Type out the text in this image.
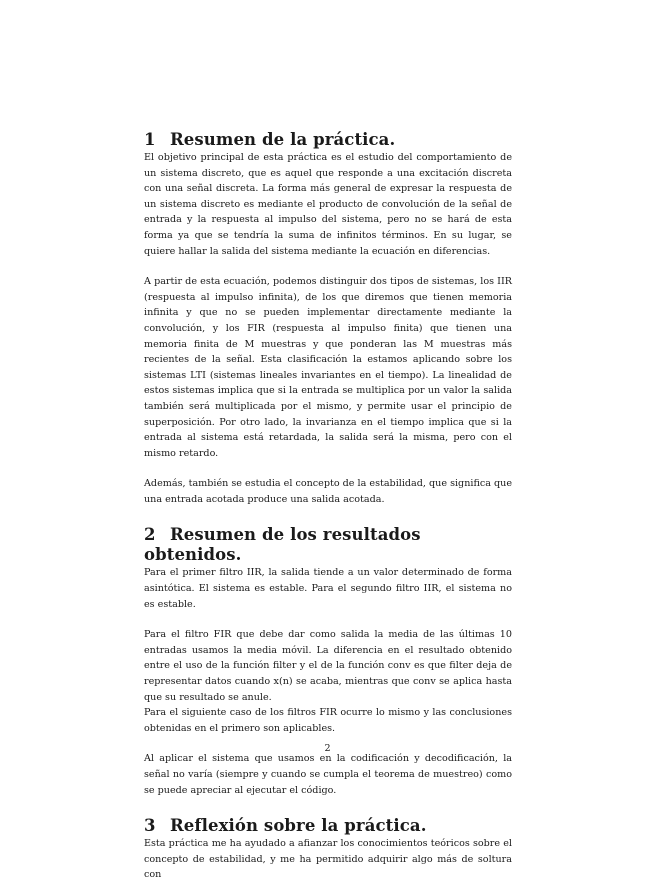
1 Resumen de la práctica.

El objetivo principal de esta práctica es el estudio del comportamiento de un sistema discreto, que es aquel que responde a una excitación discreta con una señal discreta. La forma más general de expresar la respuesta de un sistema discreto es mediante el producto de convolución de la señal de entrada y la respuesta al impulso del sistema, pero no se hará de esta forma ya que se tendría la suma de infinitos términos. En su lugar, se quiere hallar la salida del sistema mediante la ecuación en diferencias.

A partir de esta ecuación, podemos distinguir dos tipos de sistemas, los IIR (respuesta al impulso infinita), de los que diremos que tienen memoria infinita y que no se pueden implementar directamente mediante la convolución, y los FIR (respuesta al impulso finita) que tienen una memoria finita de M muestras y que ponderan las M muestras más recientes de la señal. Esta clasificación la estamos aplicando sobre los sistemas LTI (sistemas lineales invariantes en el tiempo). La linealidad de estos sistemas implica que si la entrada se multiplica por un valor la salida también será multiplicada por el mismo, y permite usar el principio de superposición. Por otro lado, la invarianza en el tiempo implica que si la entrada al sistema está retardada, la salida será la misma, pero con el mismo retardo.

Además, también se estudia el concepto de la estabilidad, que significa que una entrada acotada produce una salida acotada.

2 Resumen de los resultados obtenidos.

Para el primer filtro IIR, la salida tiende a un valor determinado de forma asintótica. El sistema es estable. Para el segundo filtro IIR, el sistema no es estable.

Para el filtro FIR que debe dar como salida la media de las últimas 10 entradas usamos la media móvil. La diferencia en el resultado obtenido entre el uso de la función filter y el de la función conv es que filter deja de representar datos cuando x(n) se acaba, mientras que conv se aplica hasta que su resultado se anule.

Para el siguiente caso de los filtros FIR ocurre lo mismo y las conclusiones obtenidas en el primero son aplicables.

Al aplicar el sistema que usamos en la codificación y decodificación, la señal no varía (siempre y cuando se cumpla el teorema de muestreo) como se puede apreciar al ejecutar el código.

3 Reflexión sobre la práctica.

Esta práctica me ha ayudado a afianzar los conocimientos teóricos sobre el concepto de estabilidad, y me ha permitido adquirir algo más de soltura con

2
